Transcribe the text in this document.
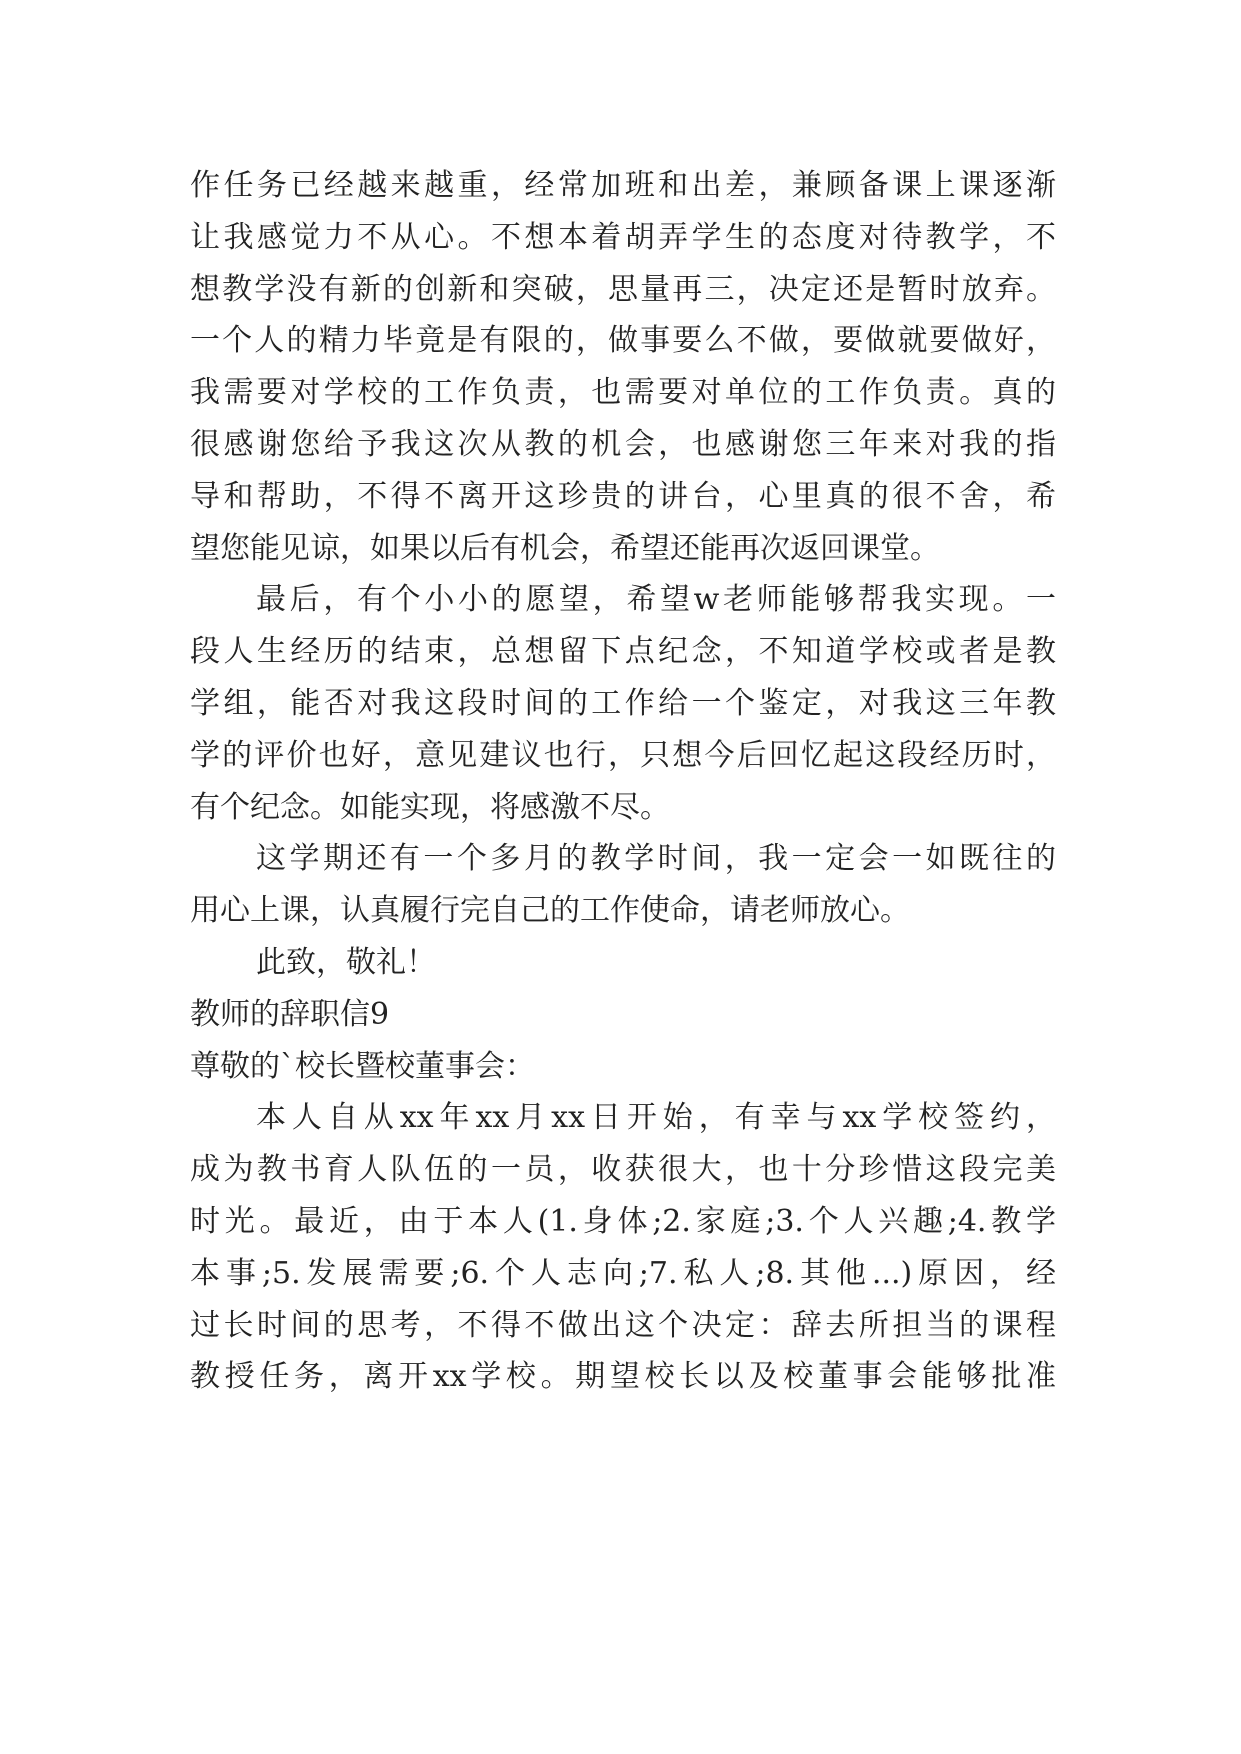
作任务已经越来越重，经常加班和出差，兼顾备课上课逐渐
让我感觉力不从心。不想本着胡弄学生的态度对待教学，不
想教学没有新的创新和突破，思量再三，决定还是暂时放弃。
一个人的精力毕竟是有限的，做事要么不做，要做就要做好，
我需要对学校的工作负责，也需要对单位的工作负责。真的
很感谢您给予我这次从教的机会，也感谢您三年来对我的指
导和帮助，不得不离开这珍贵的讲台，心里真的很不舍，希
望您能见谅，如果以后有机会，希望还能再次返回课堂。
最后，有个小小的愿望，希望w老师能够帮我实现。一
段人生经历的结束，总想留下点纪念，不知道学校或者是教
学组，能否对我这段时间的工作给一个鉴定，对我这三年教
学的评价也好，意见建议也行，只想今后回忆起这段经历时，
有个纪念。如能实现，将感激不尽。
这学期还有一个多月的教学时间，我一定会一如既往的
用心上课，认真履行完自己的工作使命，请老师放心。
此致，敬礼！
教师的辞职信9
尊敬的`校长暨校董事会：
本人自从xx年xx月xx日开始，有幸与xx学校签约，
成为教书育人队伍的一员，收获很大，也十分珍惜这段完美
时光。最近，由于本人(1.身体;2.家庭;3.个人兴趣;4.教学
本事;5.发展需要;6.个人志向;7.私人;8.其他...)原因，经
过长时间的思考，不得不做出这个决定：辞去所担当的课程
教授任务，离开xx学校。期望校长以及校董事会能够批准
